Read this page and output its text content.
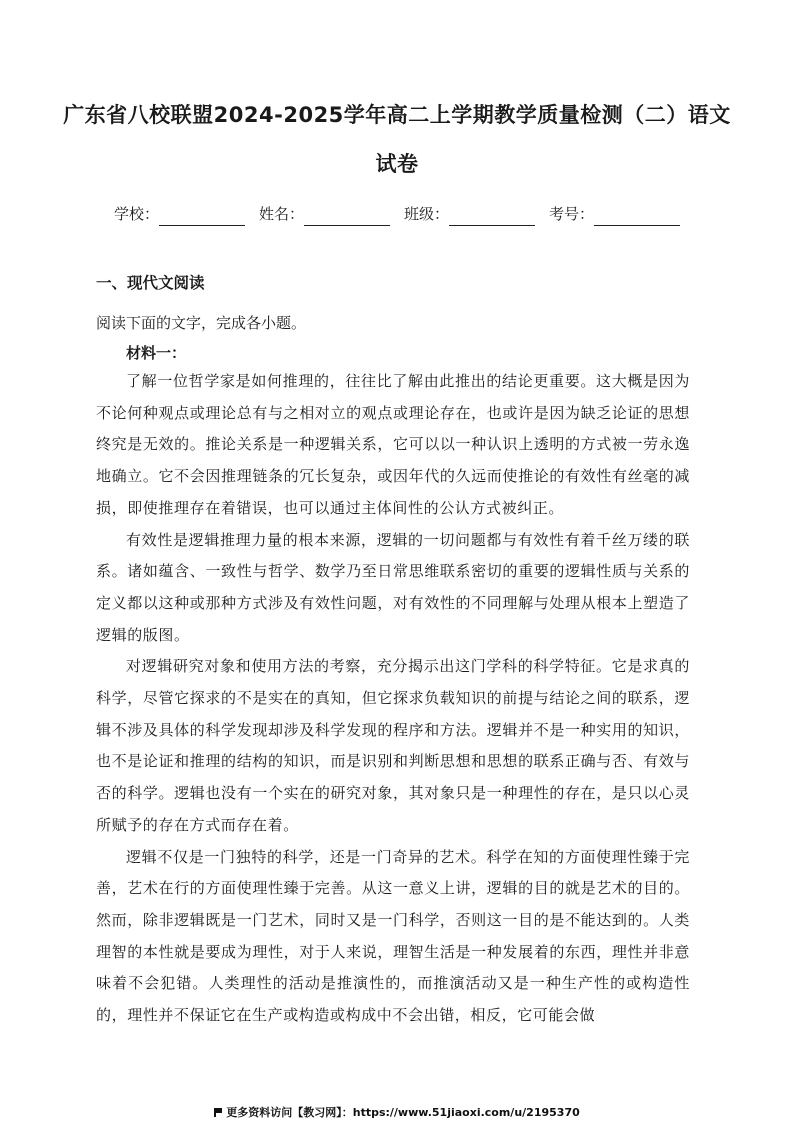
广东省八校联盟2024-2025学年高二上学期教学质量检测（二）语文
试卷
学校：	姓名：	班级：	考号：
一、现代文阅读
阅读下面的文字，完成各小题。
材料一：

了解一位哲学家是如何推理的，往往比了解由此推出的结论更重要。这大概是因为不论何种观点或理论总有与之相对立的观点或理论存在，也或许是因为缺乏论证的思想终究是无效的。推论关系是一种逻辑关系，它可以以一种认识上透明的方式被一劳永逸地确立。它不会因推理链条的冗长复杂，或因年代的久远而使推论的有效性有丝毫的减损，即使推理存在着错误，也可以通过主体间性的公认方式被纠正。

有效性是逻辑推理力量的根本来源，逻辑的一切问题都与有效性有着千丝万缕的联系。诸如蕴含、一致性与哲学、数学乃至日常思维联系密切的重要的逻辑性质与关系的定义都以这种或那种方式涉及有效性问题，对有效性的不同理解与处理从根本上塑造了逻辑的版图。

对逻辑研究对象和使用方法的考察，充分揭示出这门学科的科学特征。它是求真的科学，尽管它探求的不是实在的真知，但它探求负载知识的前提与结论之间的联系，逻辑不涉及具体的科学发现却涉及科学发现的程序和方法。逻辑并不是一种实用的知识，也不是论证和推理的结构的知识，而是识别和判断思想和思想的联系正确与否、有效与否的科学。逻辑也没有一个实在的研究对象，其对象只是一种理性的存在，是只以心灵所赋予的存在方式而存在着。

逻辑不仅是一门独特的科学，还是一门奇异的艺术。科学在知的方面使理性臻于完善，艺术在行的方面使理性臻于完善。从这一意义上讲，逻辑的目的就是艺术的目的。然而，除非逻辑既是一门艺术，同时又是一门科学，否则这一目的是不能达到的。人类理智的本性就是要成为理性，对于人来说，理智生活是一种发展着的东西，理性并非意味着不会犯错。人类理性的活动是推演性的，而推演活动又是一种生产性的或构造性的，理性并不保证它在生产或构造或构成中不会出错，相反，它可能会做

更多资料访问【教习网】：https://www.51jiaoxi.com/u/2195370
